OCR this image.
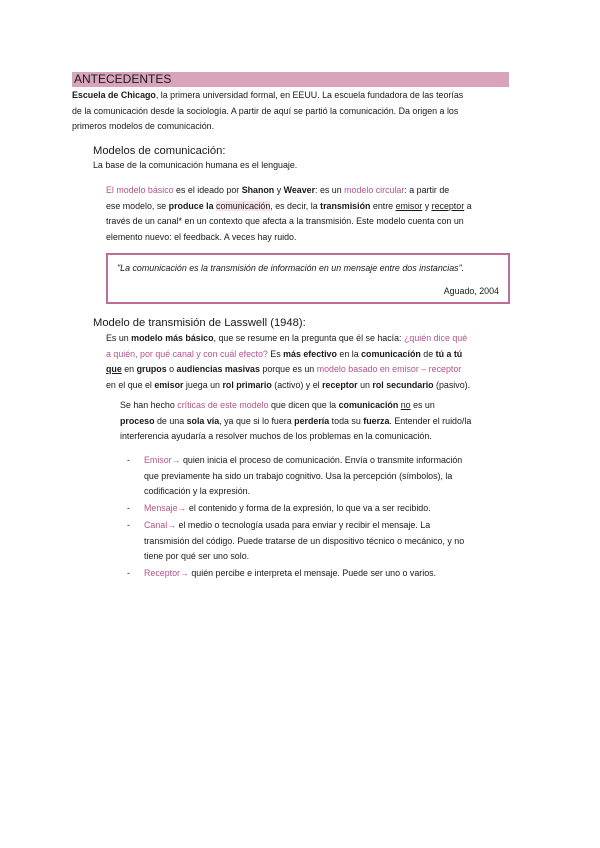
ANTECEDENTES
Escuela de Chicago, la primera universidad formal, en EEUU. La escuela fundadora de las teorías
de la comunicación desde la sociología. A partir de aquí se partió la comunicación. Da origen a los
primeros modelos de comunicación.
Modelos de comunicación:
La base de la comunicación humana es el lenguaje.
El modelo básico es el ideado por Shanon y Weaver: es un modelo circular: a partir de
ese modelo, se produce la comunicación, es decir, la transmisión entre emisor y receptor a
través de un canal* en un contexto que afecta a la transmisión. Este modelo cuenta con un
elemento nuevo: el feedback. A veces hay ruido.
"La comunicación es la transmisión de información en un mensaje entre dos instancias".
Aguado, 2004
Modelo de transmisión de Lasswell (1948):
Es un modelo más básico, que se resume en la pregunta que él se hacía: ¿quién dice qué
a quién, por qué canal y con cuál efecto? Es más efectivo en la comunicación de tú a tú
que en grupos o audiencias masivas porque es un modelo basado en emisor – receptor
en el que el emisor juega un rol primario (activo) y el receptor un rol secundario (pasivo).
Se han hecho críticas de este modelo que dicen que la comunicación no es un
proceso de una sola vía, ya que si lo fuera perdería toda su fuerza. Entender el ruido/la
interferencia ayudaría a resolver muchos de los problemas en la comunicación.
- Emisor→ quien inicia el proceso de comunicación. Envía o transmite información
que previamente ha sido un trabajo cognitivo. Usa la percepción (símbolos), la
codificación y la expresión.
- Mensaje→ el contenido y forma de la expresión, lo que va a ser recibido.
- Canal→ el medio o tecnología usada para enviar y recibir el mensaje. La
transmisión del código. Puede tratarse de un dispositivo técnico o mecánico, y no
tiene por qué ser uno solo.
- Receptor→ quién percibe e interpreta el mensaje. Puede ser uno o varios.
